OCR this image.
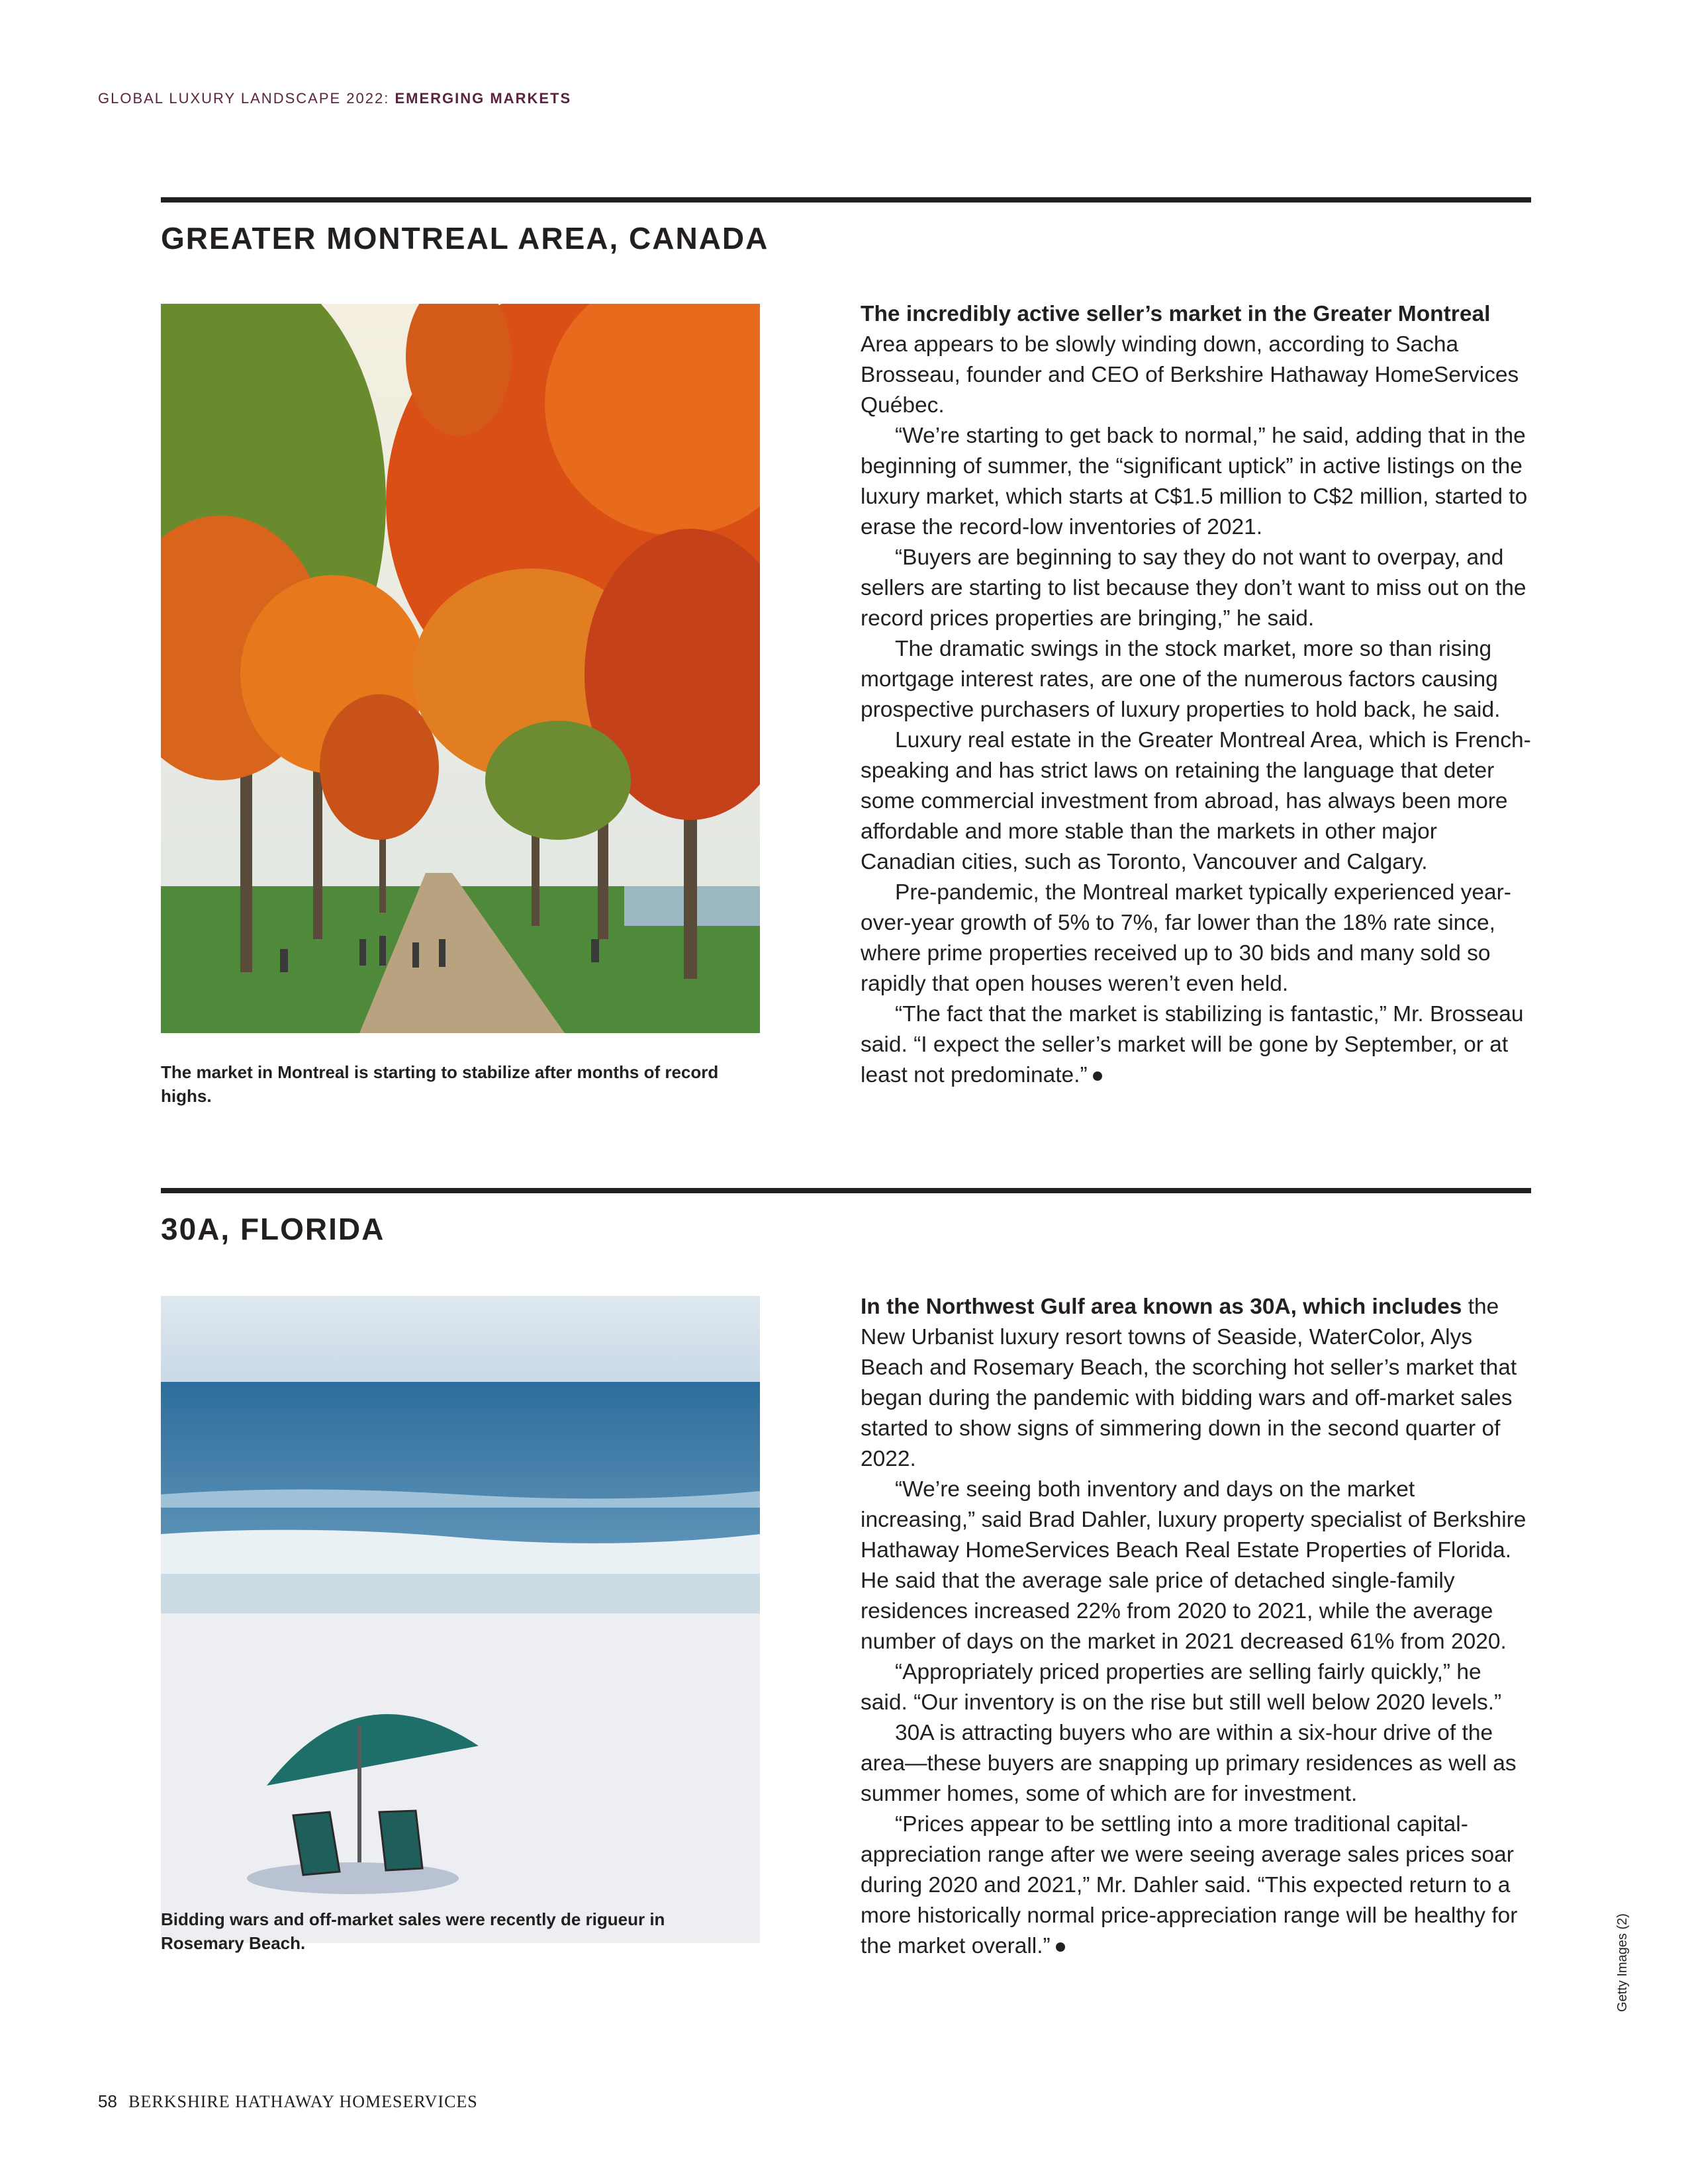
GLOBAL LUXURY LANDSCAPE 2022: EMERGING MARKETS
GREATER MONTREAL AREA, CANADA
The market in Montreal is starting to stabilize after months of record highs.

The incredibly active seller’s market in the Greater Montreal Area appears to be slowly winding down, according to Sacha Brosseau, founder and CEO of Berkshire Hathaway HomeServices Québec.

“We’re starting to get back to normal,” he said, adding that in the beginning of summer, the “significant uptick” in active listings on the luxury market, which starts at C$1.5 million to C$2 million, started to erase the record-low inventories of 2021.

“Buyers are beginning to say they do not want to overpay, and sellers are starting to list because they don’t want to miss out on the record prices properties are bringing,” he said.

The dramatic swings in the stock market, more so than rising mortgage interest rates, are one of the numerous factors causing prospective purchasers of luxury properties to hold back, he said.

Luxury real estate in the Greater Montreal Area, which is French-speaking and has strict laws on retaining the language that deter some commercial investment from abroad, has always been more affordable and more stable than the markets in other major Canadian cities, such as Toronto, Vancouver and Calgary.

Pre-pandemic, the Montreal market typically experienced year-over-year growth of 5% to 7%, far lower than the 18% rate since, where prime properties received up to 30 bids and many sold so rapidly that open houses weren’t even held.

“The fact that the market is stabilizing is fantastic,” Mr. Brosseau said. “I expect the seller’s market will be gone by September, or at least not predominate.”

30A, FLORIDA
Bidding wars and off-market sales were recently de rigueur in Rosemary Beach.

In the Northwest Gulf area known as 30A, which includes the New Urbanist luxury resort towns of Seaside, WaterColor, Alys Beach and Rosemary Beach, the scorching hot seller’s market that began during the pandemic with bidding wars and off-market sales started to show signs of simmering down in the second quarter of 2022.

“We’re seeing both inventory and days on the market increasing,” said Brad Dahler, luxury property specialist of Berkshire Hathaway HomeServices Beach Real Estate Properties of Florida. He said that the average sale price of detached single-family residences increased 22% from 2020 to 2021, while the average number of days on the market in 2021 decreased 61% from 2020.

“Appropriately priced properties are selling fairly quickly,” he said. “Our inventory is on the rise but still well below 2020 levels.”

30A is attracting buyers who are within a six-hour drive of the area—these buyers are snapping up primary residences as well as summer homes, some of which are for investment.

“Prices appear to be settling into a more traditional capital-appreciation range after we were seeing average sales prices soar during 2020 and 2021,” Mr. Dahler said. “This expected return to a more historically normal price-appreciation range will be healthy for the market overall.”	Getty Images (2)
58 BERKSHIRE HATHAWAY HOMESERVICES
